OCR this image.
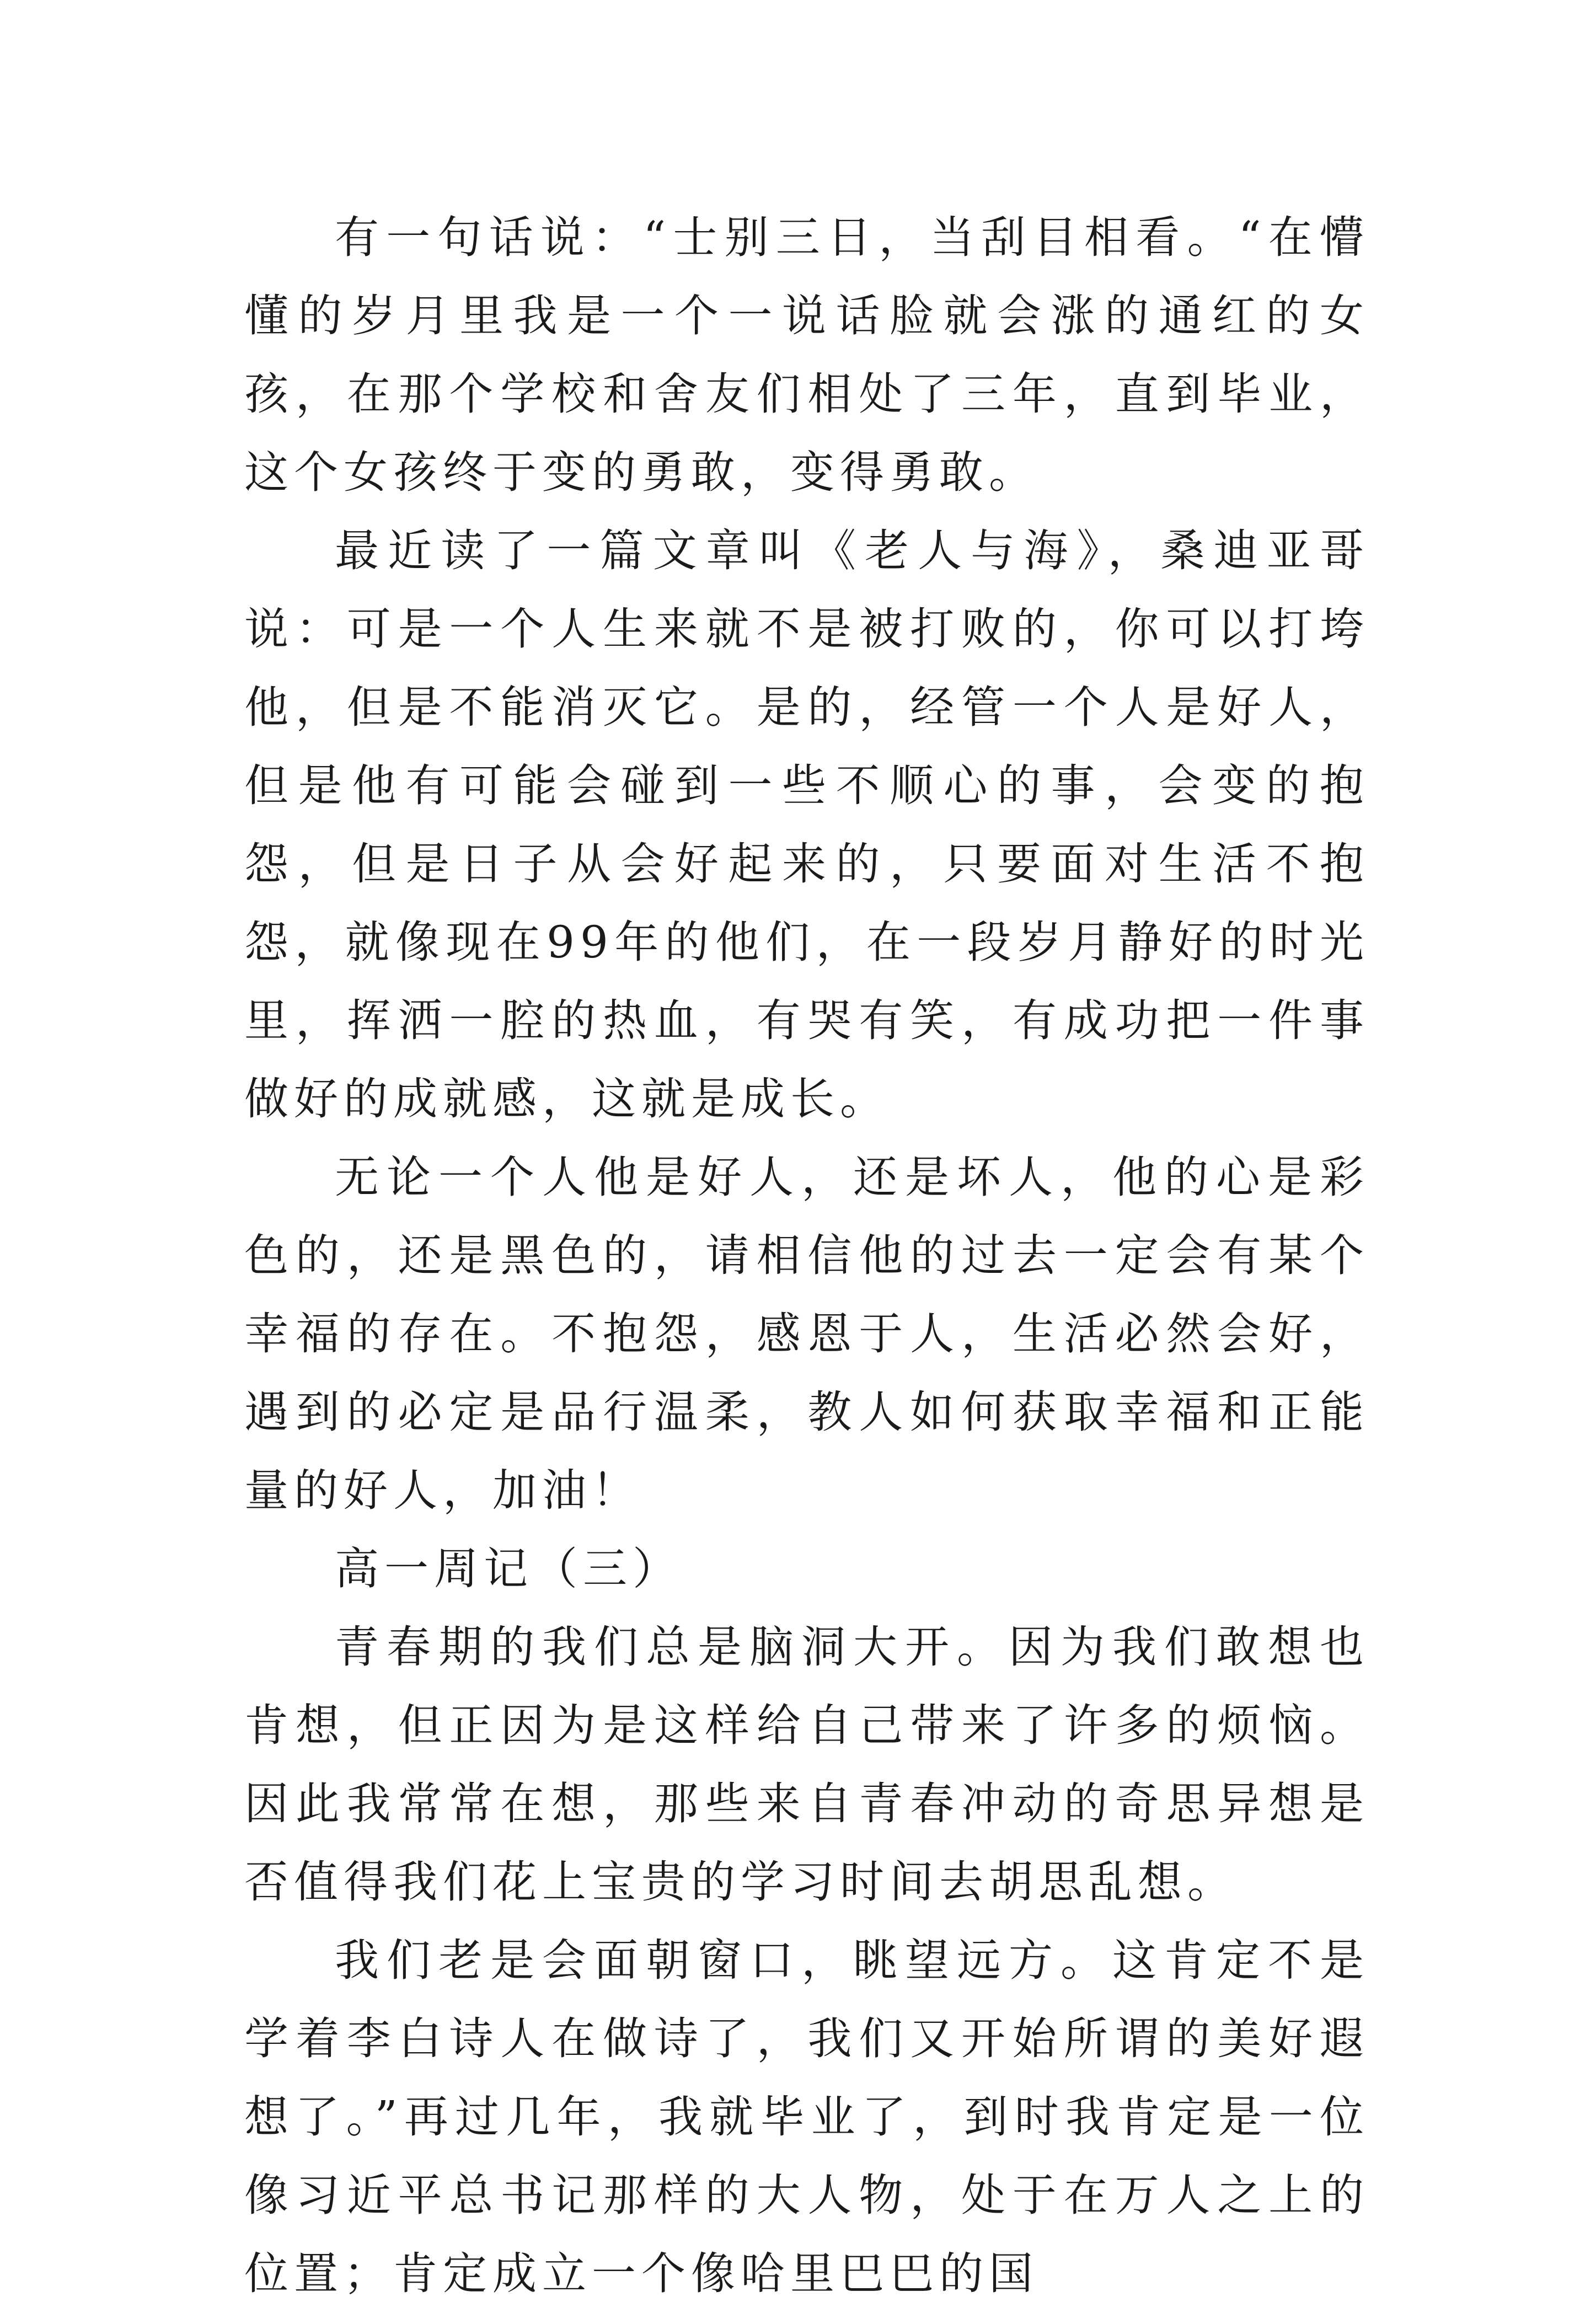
有一句话说：“士别三日，当刮目相看。“在懵懂的岁月里我是一个一说话脸就会涨的通红的女孩，在那个学校和舍友们相处了三年，直到毕业，这个女孩终于变的勇敢，变得勇敢。

最近读了一篇文章叫《老人与海》，桑迪亚哥说：可是一个人生来就不是被打败的，你可以打垮他，但是不能消灭它。是的，经管一个人是好人，但是他有可能会碰到一些不顺心的事，会变的抱怨，但是日子从会好起来的，只要面对生活不抱怨，就像现在99年的他们，在一段岁月静好的时光里，挥洒一腔的热血，有哭有笑，有成功把一件事做好的成就感，这就是成长。

无论一个人他是好人，还是坏人，他的心是彩色的，还是黑色的，请相信他的过去一定会有某个幸福的存在。不抱怨，感恩于人，生活必然会好，遇到的必定是品行温柔，教人如何获取幸福和正能量的好人，加油！

高一周记（三）

青春期的我们总是脑洞大开。因为我们敢想也肯想，但正因为是这样给自己带来了许多的烦恼。因此我常常在想，那些来自青春冲动的奇思异想是否值得我们花上宝贵的学习时间去胡思乱想。

我们老是会面朝窗口，眺望远方。这肯定不是学着李白诗人在做诗了，我们又开始所谓的美好遐想了。”再过几年，我就毕业了，到时我肯定是一位像习近平总书记那样的大人物，处于在万人之上的位置；肯定成立一个像哈里巴巴的国
